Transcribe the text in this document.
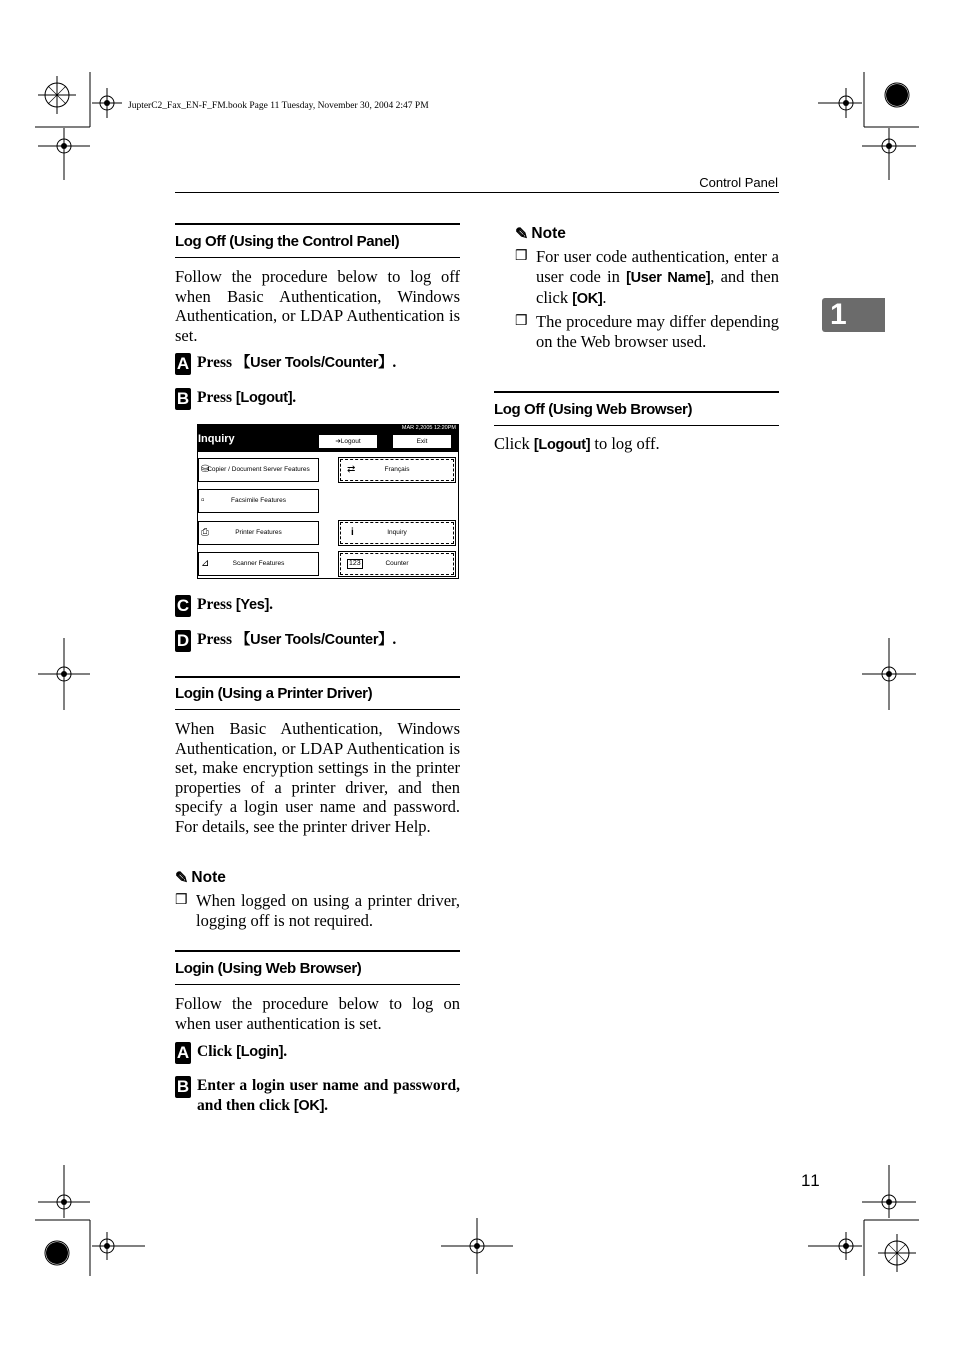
JupterC2_Fax_EN-F_FM.book Page 11 Tuesday, November 30, 2004 2:47 PM
Control Panel
1
Log Off (Using the Control Panel)
Follow the procedure below to log off when Basic Authentication, Windows Authentication, or LDAP Authentication is set.
A Press 【User Tools/Counter】.
B Press [Logout].
MAR 2,2005 12:20PM
Inquiry	➔Logout	Exit
⛁
Copier / Document Server Features	⇄	Français
▫	Facsimile Features
⎙	Printer Features	i	Inquiry
⊿	Scanner Features	123	Counter
C Press [Yes].
D Press 【User Tools/Counter】.
Login (Using a Printer Driver)
When Basic Authentication, Windows Authentication, or LDAP Authentication is set, make encryption settings in the printer properties of a printer driver, and then specify a login user name and password. For details, see the printer driver Help.
✎ Note
❒ When logged on using a printer driver, logging off is not required.
Login (Using Web Browser)
Follow the procedure below to log on when user authentication is set.
A Click [Login].
B Enter a login user name and password, and then click [OK].
✎ Note
❒ For user code authentication, enter a user code in [User Name], and then click [OK].
❒ The procedure may differ depending on the Web browser used.
Log Off (Using Web Browser)
Click [Logout] to log off.
11
